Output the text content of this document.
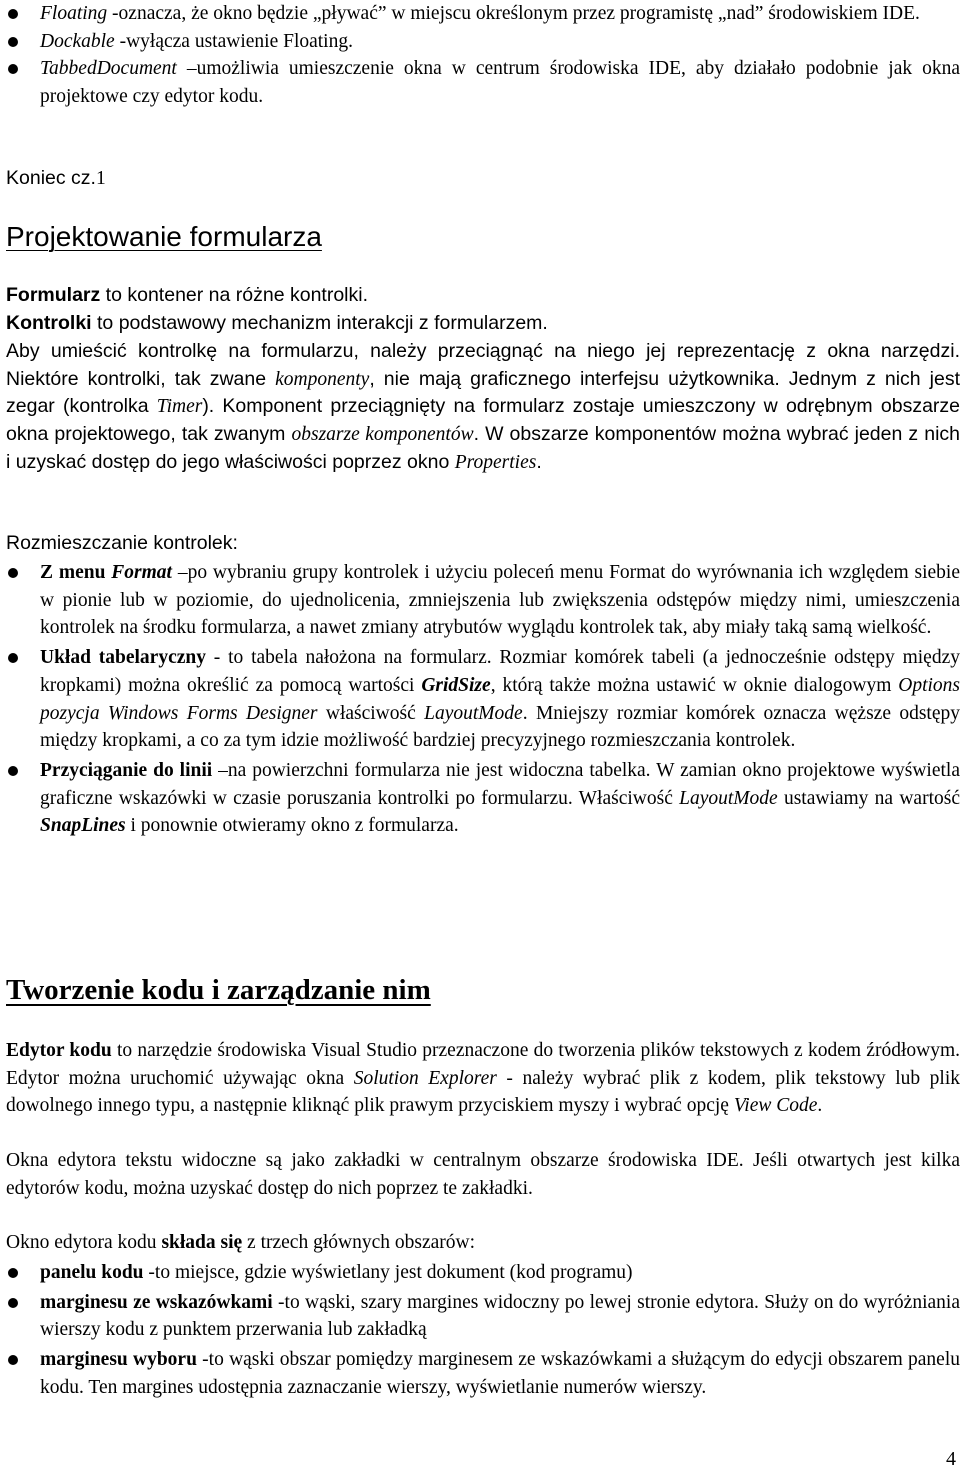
Floating -oznacza, że okno będzie „pływać” w miejscu określonym przez programistę „nad” środowiskiem IDE.
Dockable -wyłącza ustawienie Floating.
TabbedDocument –umożliwia umieszczenie okna w centrum środowiska IDE, aby działało podobnie jak okna projektowe czy edytor kodu.

Koniec cz.1

Projektowanie formularza

Formularz to kontener na różne kontrolki.

Kontrolki to podstawowy mechanizm interakcji z formularzem.

Aby umieścić kontrolkę na formularzu, należy przeciągnąć na niego jej reprezentację z okna narzędzi. Niektóre kontrolki, tak zwane komponenty, nie mają graficznego interfejsu użytkownika. Jednym z nich jest zegar (kontrolka Timer). Komponent przeciągnięty na formularz zostaje umieszczony w odrębnym obszarze okna projektowego, tak zwanym obszarze komponentów. W obszarze komponentów można wybrać jeden z nich i uzyskać dostęp do jego właściwości poprzez okno Properties.

Rozmieszczanie kontrolek:

Z menu Format –po wybraniu grupy kontrolek i użyciu poleceń menu Format do wyrównania ich względem siebie w pionie lub w poziomie, do ujednolicenia, zmniejszenia lub zwiększenia odstępów między nimi, umieszczenia kontrolek na środku formularza, a nawet zmiany atrybutów wyglądu kontrolek tak, aby miały taką samą wielkość.
Układ tabelaryczny - to tabela nałożona na formularz. Rozmiar komórek tabeli (a jednocześnie odstępy między kropkami) można określić za pomocą wartości GridSize, którą także można ustawić w oknie dialogowym Options pozycja Windows Forms Designer właściwość LayoutMode. Mniejszy rozmiar komórek oznacza węższe odstępy między kropkami, a co za tym idzie możliwość bardziej precyzyjnego rozmieszczania kontrolek.
Przyciąganie do linii –na powierzchni formularza nie jest widoczna tabelka. W zamian okno projektowe wyświetla graficzne wskazówki w czasie poruszania kontrolki po formularzu. Właściwość LayoutMode ustawiamy na wartość SnapLines i ponownie otwieramy okno z formularza.

Tworzenie kodu i zarządzanie nim

Edytor kodu to narzędzie środowiska Visual Studio przeznaczone do tworzenia plików tekstowych z kodem źródłowym. Edytor można uruchomić używając okna Solution Explorer - należy wybrać plik z kodem, plik tekstowy lub plik dowolnego innego typu, a następnie kliknąć plik prawym przyciskiem myszy i wybrać opcję View Code.

Okna edytora tekstu widoczne są jako zakładki w centralnym obszarze środowiska IDE. Jeśli otwartych jest kilka edytorów kodu, można uzyskać dostęp do nich poprzez te zakładki.

Okno edytora kodu składa się z trzech głównych obszarów:

panelu kodu -to miejsce, gdzie wyświetlany jest dokument (kod programu)
marginesu ze wskazówkami -to wąski, szary margines widoczny po lewej stronie edytora. Służy on do wyróżniania wierszy kodu z punktem przerwania lub zakładką
marginesu wyboru -to wąski obszar pomiędzy marginesem ze wskazówkami a służącym do edycji obszarem panelu kodu. Ten margines udostępnia zaznaczanie wierszy, wyświetlanie numerów wierszy.
4
